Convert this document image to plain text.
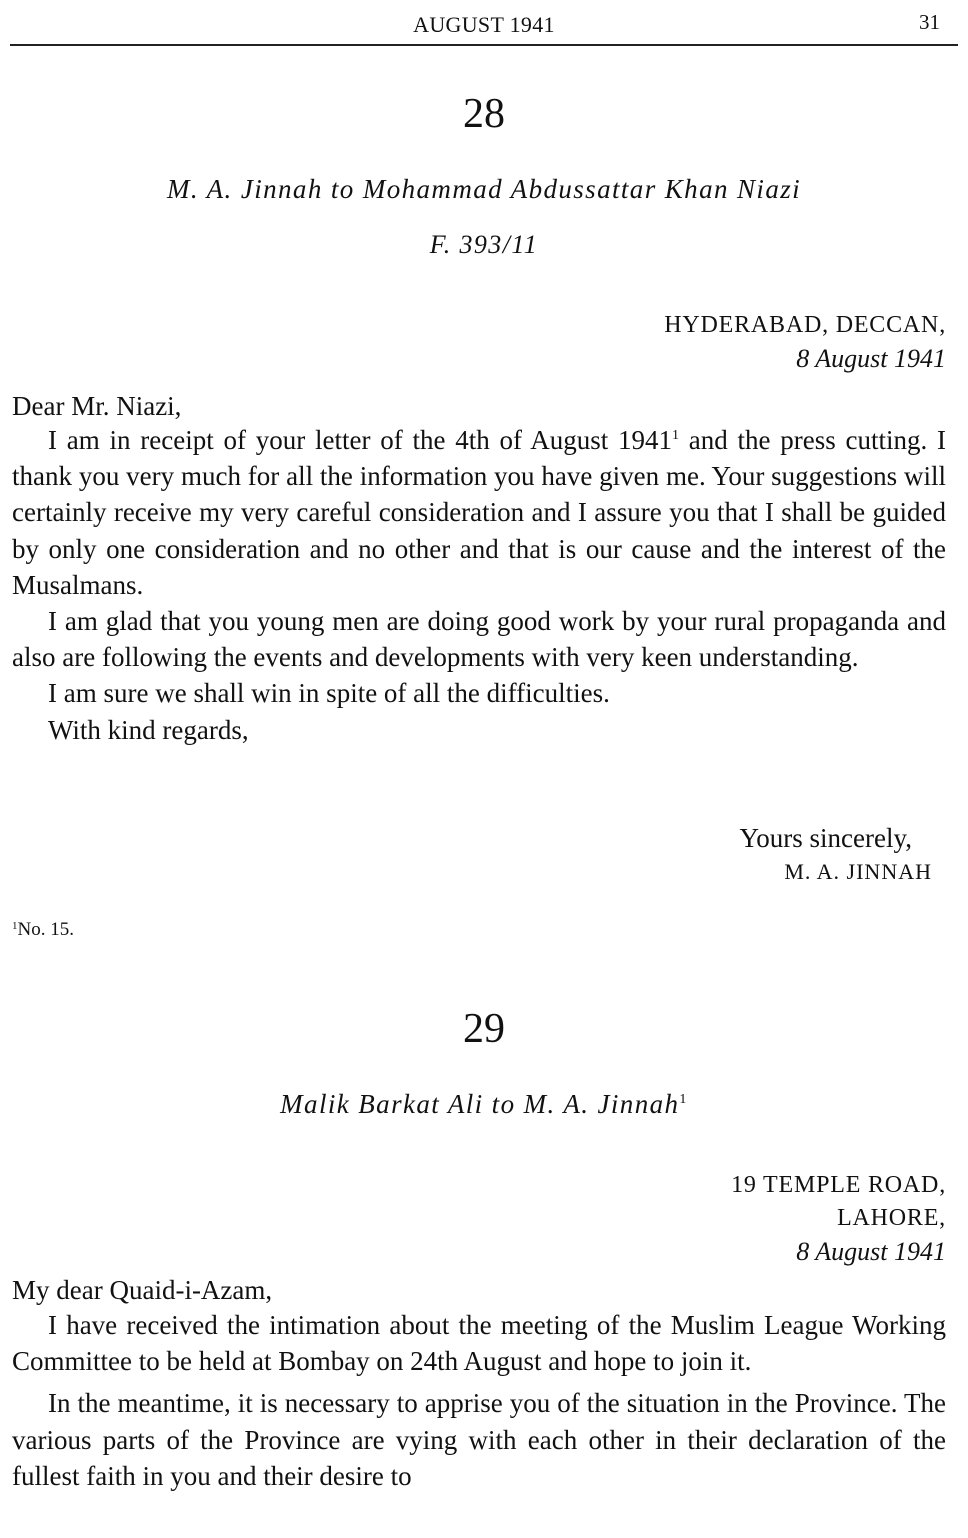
AUGUST 1941	31
28
M. A. Jinnah to Mohammad Abdussattar Khan Niazi
F. 393/11
HYDERABAD, DECCAN,
8 August 1941
Dear Mr. Niazi,

I am in receipt of your letter of the 4th of August 1941$^1$ and the press cutting. I thank you very much for all the information you have given me. Your suggestions will certainly receive my very careful consideration and I assure you that I shall be guided by only one consideration and no other and that is our cause and the interest of the Musalmans.

I am glad that you young men are doing good work by your rural propaganda and also are following the events and developments with very keen understanding.

I am sure we shall win in spite of all the difficulties.

With kind regards,

Yours sincerely,
M. A. JINNAH
$^1$No. 15.
29
Malik Barkat Ali to M. A. Jinnah$^1$
19 TEMPLE ROAD,
LAHORE,
8 August 1941
My dear Quaid-i-Azam,

I have received the intimation about the meeting of the Muslim League Working Committee to be held at Bombay on 24th August and hope to join it.

In the meantime, it is necessary to apprise you of the situation in the Province. The various parts of the Province are vying with each other in their declaration of the fullest faith in you and their desire to
